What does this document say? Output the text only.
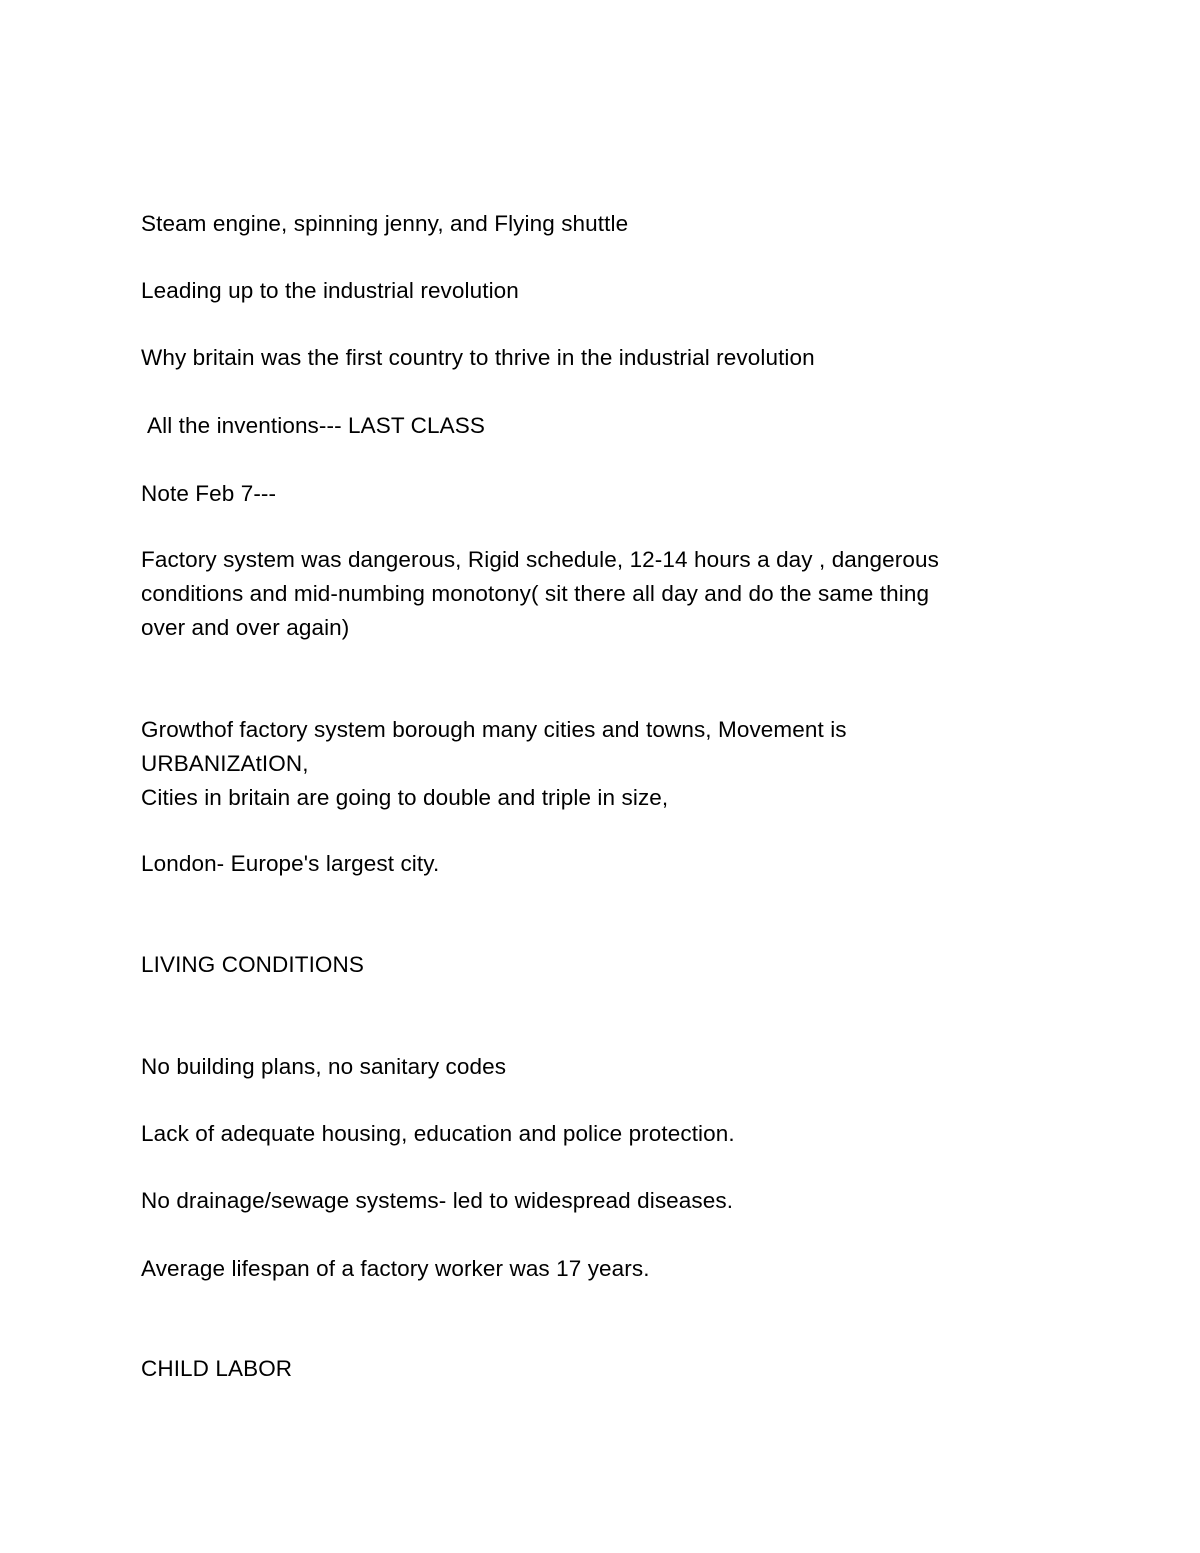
Steam engine, spinning jenny, and Flying shuttle

Leading up to the industrial revolution

Why britain was the first country to thrive in the industrial revolution

All the inventions--- LAST CLASS

Note Feb 7---

Factory system was dangerous, Rigid schedule, 12-14 hours a day , dangerous

conditions and mid-numbing monotony( sit there all day and do the same thing

over and over again)

Growthof factory system borough many cities and towns, Movement is

URBANIZAtION,

Cities in britain are going to double and triple in size,

London- Europe's largest city.

LIVING CONDITIONS

No building plans, no sanitary codes

Lack of adequate housing, education and police protection.

No drainage/sewage systems- led to widespread diseases.

Average lifespan of a factory worker was 17 years.

CHILD LABOR
